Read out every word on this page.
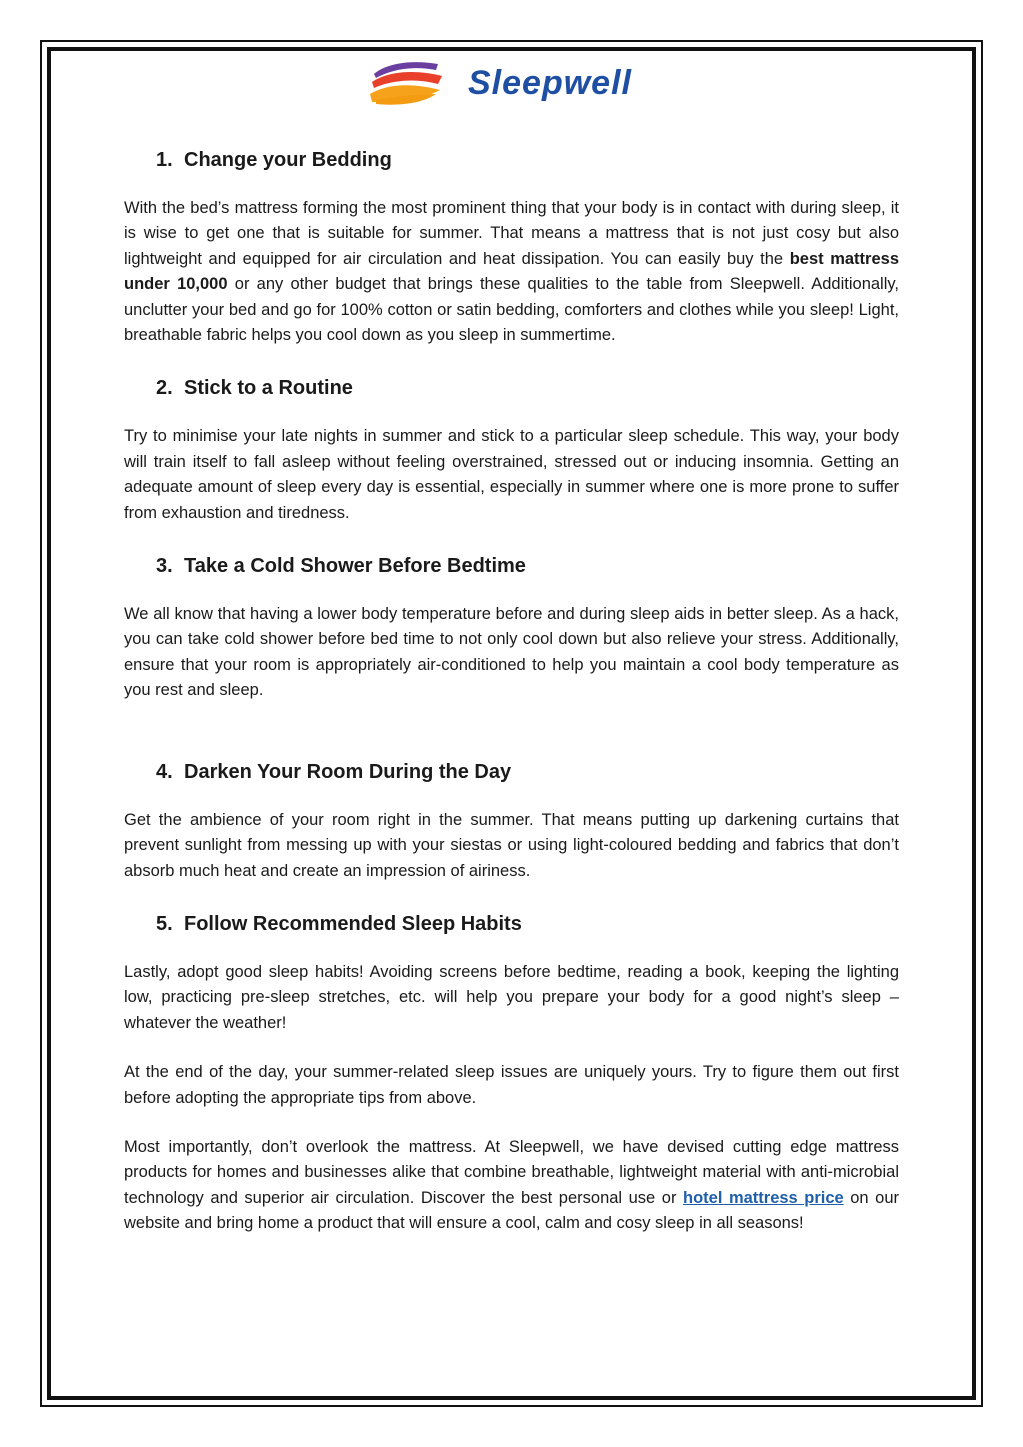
Sleepwell
1. Change your Bedding

With the bed’s mattress forming the most prominent thing that your body is in contact with during sleep, it is wise to get one that is suitable for summer. That means a mattress that is not just cosy but also lightweight and equipped for air circulation and heat dissipation. You can easily buy the best mattress under 10,000 or any other budget that brings these qualities to the table from Sleepwell. Additionally, unclutter your bed and go for 100% cotton or satin bedding, comforters and clothes while you sleep! Light, breathable fabric helps you cool down as you sleep in summertime.

2. Stick to a Routine

Try to minimise your late nights in summer and stick to a particular sleep schedule. This way, your body will train itself to fall asleep without feeling overstrained, stressed out or inducing insomnia. Getting an adequate amount of sleep every day is essential, especially in summer where one is more prone to suffer from exhaustion and tiredness.

3. Take a Cold Shower Before Bedtime

We all know that having a lower body temperature before and during sleep aids in better sleep. As a hack, you can take cold shower before bed time to not only cool down but also relieve your stress. Additionally, ensure that your room is appropriately air-conditioned to help you maintain a cool body temperature as you rest and sleep.

4. Darken Your Room During the Day

Get the ambience of your room right in the summer. That means putting up darkening curtains that prevent sunlight from messing up with your siestas or using light-coloured bedding and fabrics that don’t absorb much heat and create an impression of airiness.

5. Follow Recommended Sleep Habits

Lastly, adopt good sleep habits! Avoiding screens before bedtime, reading a book, keeping the lighting low, practicing pre-sleep stretches, etc. will help you prepare your body for a good night’s sleep – whatever the weather!

At the end of the day, your summer-related sleep issues are uniquely yours. Try to figure them out first before adopting the appropriate tips from above.

Most importantly, don’t overlook the mattress. At Sleepwell, we have devised cutting edge mattress products for homes and businesses alike that combine breathable, lightweight material with anti-microbial technology and superior air circulation. Discover the best personal use or hotel mattress price on our website and bring home a product that will ensure a cool, calm and cosy sleep in all seasons!
